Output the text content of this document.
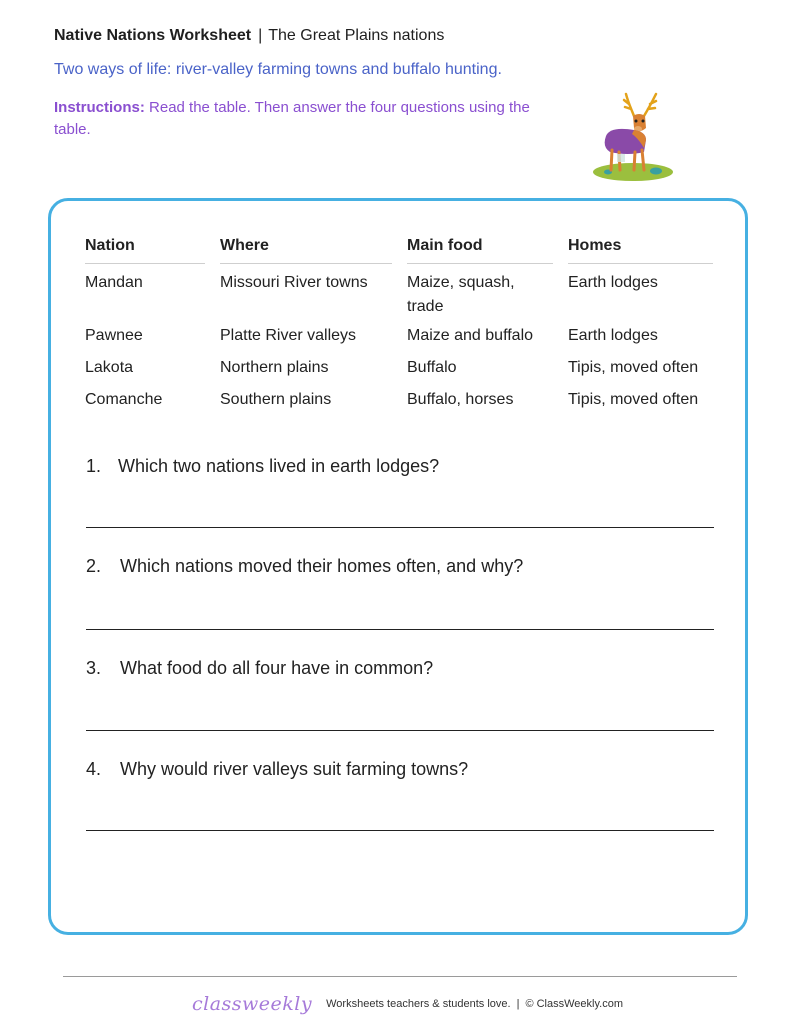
Native Nations Worksheet | The Great Plains nations
Two ways of life: river-valley farming towns and buffalo hunting.
Instructions: Read the table. Then answer the four questions using the table.
Nation		Where		Main food		Homes

Mandan		Missouri River towns		Maize, squash, trade		Earth lodges

Pawnee		Platte River valleys		Maize and buffalo		Earth lodges

Lakota		Northern plains		Buffalo		Tipis, moved often

Comanche		Southern plains		Buffalo, horses		Tipis, moved often
1. Which two nations lived in earth lodges?
2. Which nations moved their homes often, and why?
3. What food do all four have in common?
4. Why would river valleys suit farming towns?
classweekly Worksheets teachers & students love. | © ClassWeekly.com
